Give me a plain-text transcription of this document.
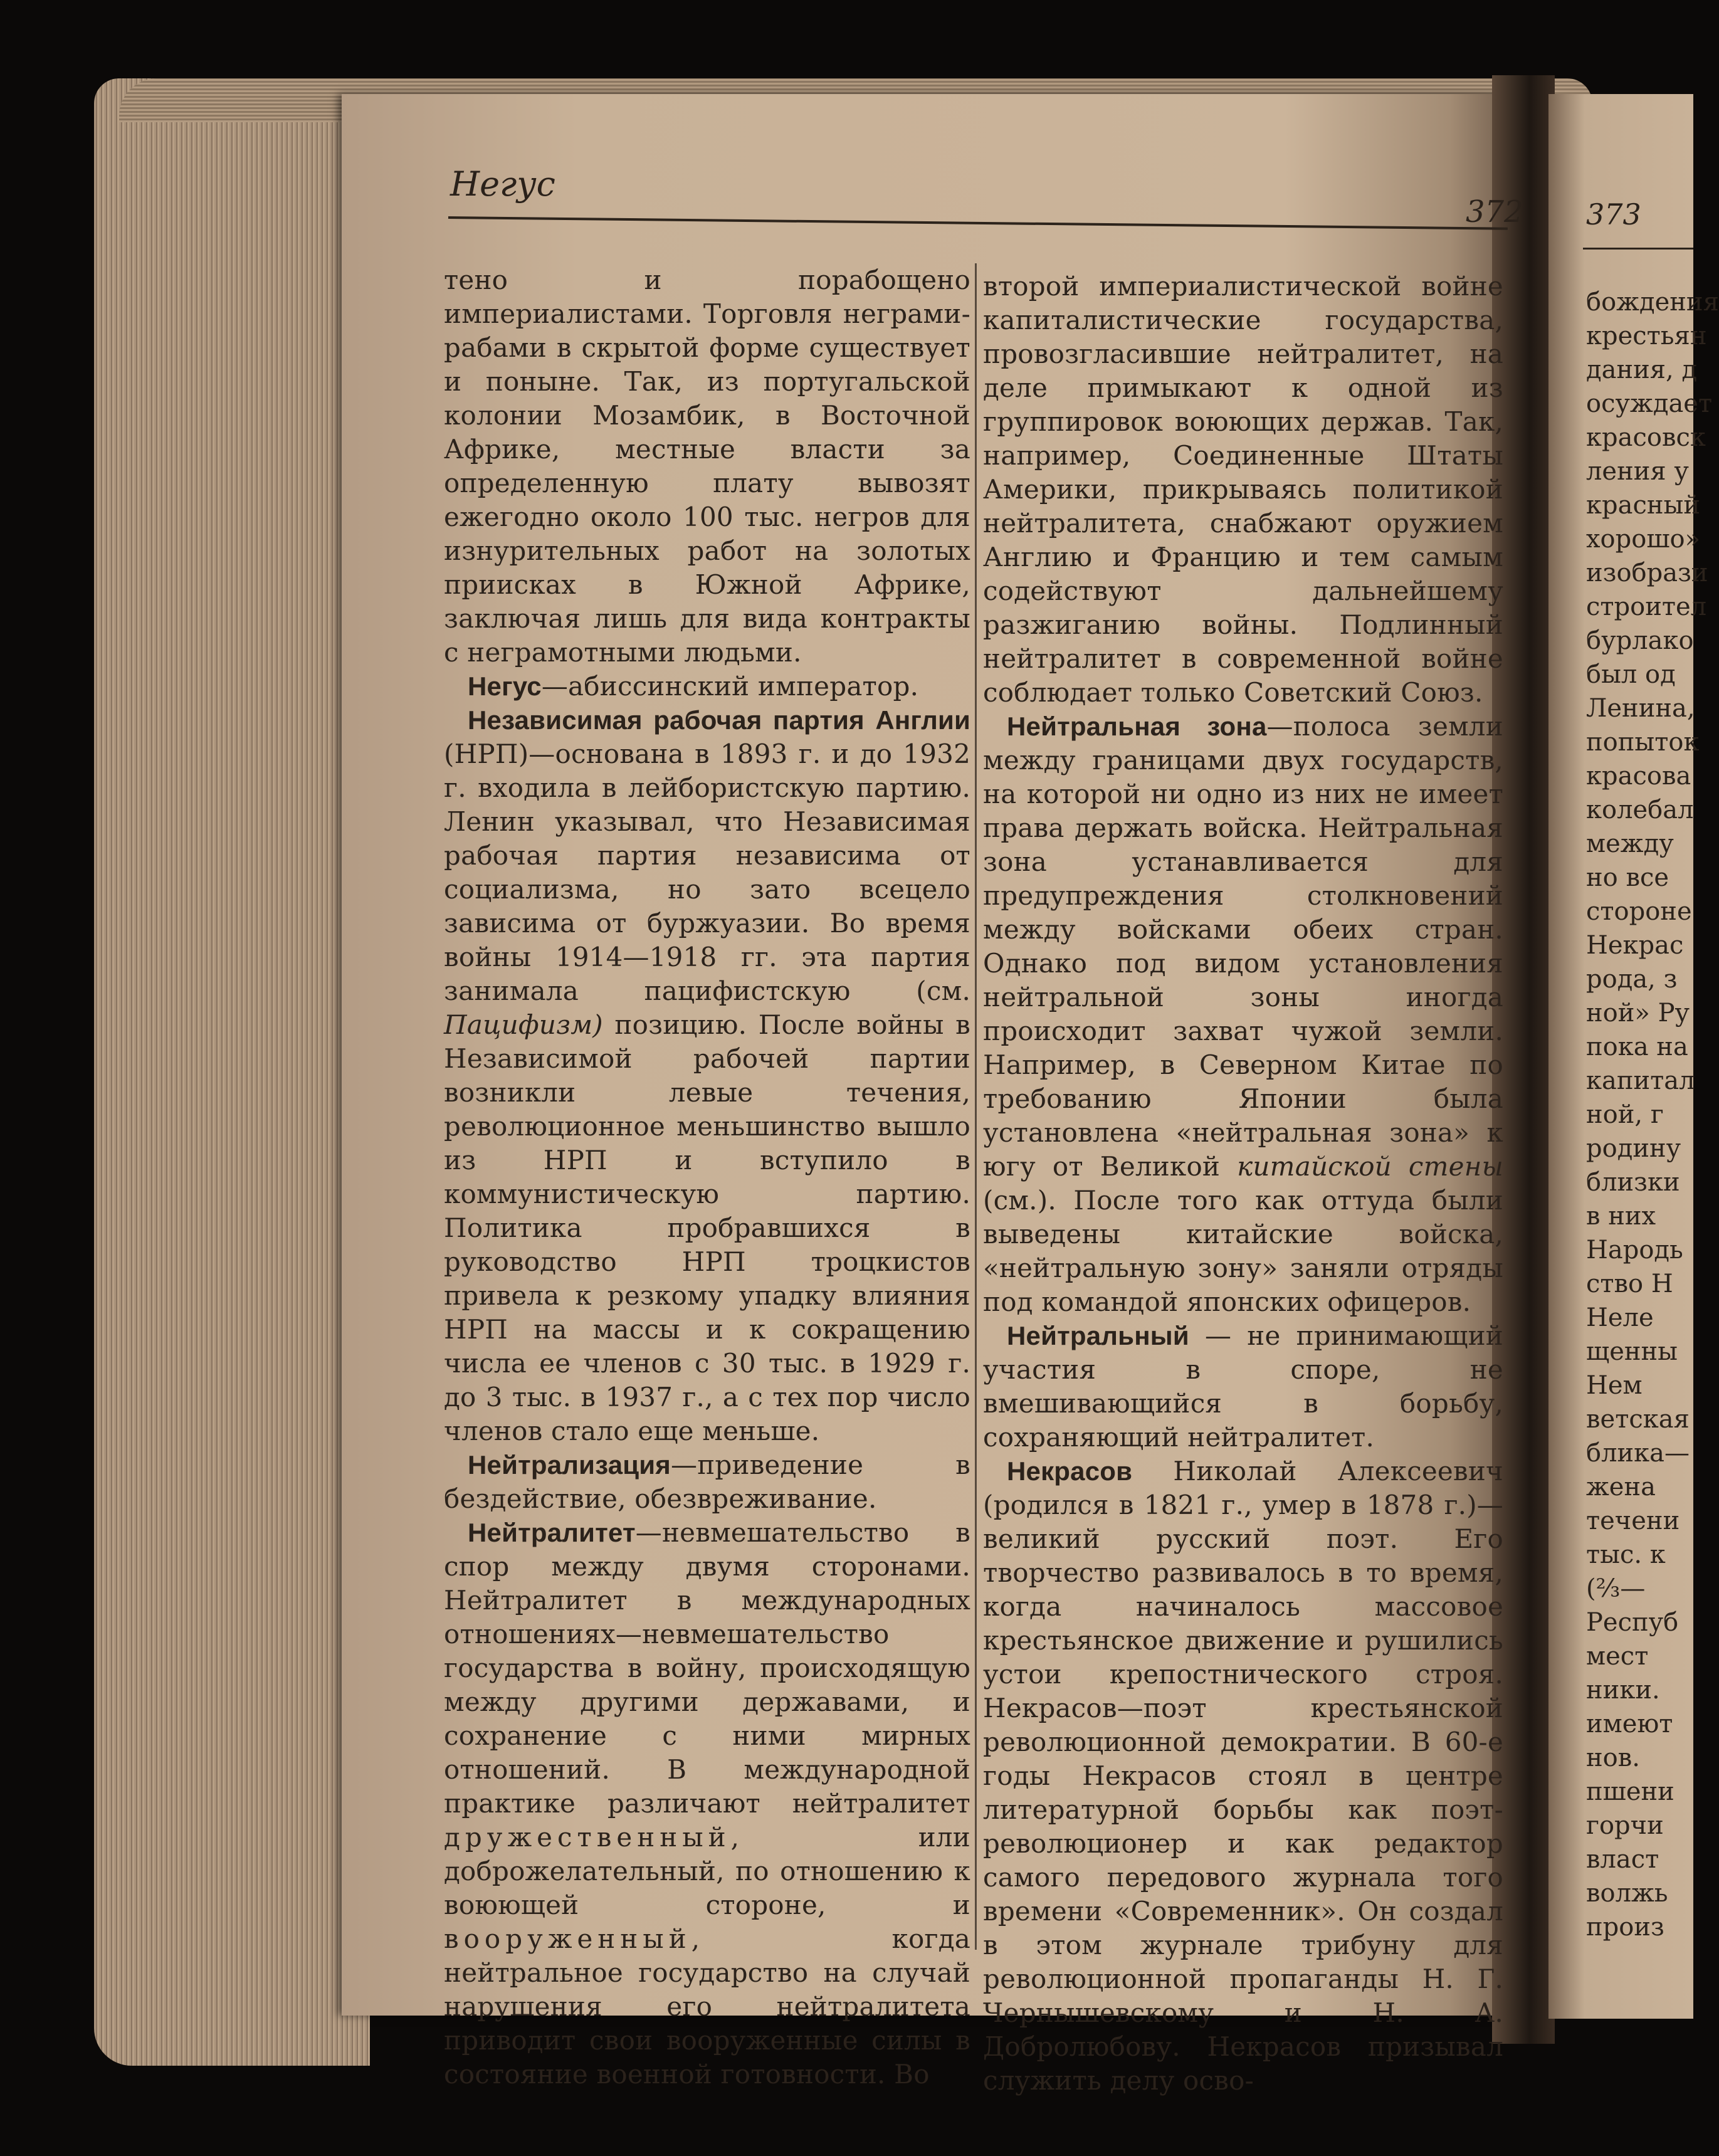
Негус
372

тено и порабощено империалистами. Торговля неграми-рабами в скрытой форме существует и поныне. Так, из португальской колонии Мозамбик, в Восточной Африке, местные власти за определенную плату вывозят ежегодно около 100 тыс. негров для изнурительных работ на золотых приисках в Южной Африке, заключая лишь для вида контракты с неграмотными людьми.

Негус—абиссинский император.

Независимая рабочая партия Англии (НРП)—основана в 1893 г. и до 1932 г. входила в лейбористскую партию. Ленин указывал, что Независимая рабочая партия независима от социализма, но зато всецело зависима от буржуазии. Во время войны 1914—1918 гг. эта партия занимала пацифистскую (см. Пацифизм) позицию. После войны в Независимой рабочей партии возникли левые течения, революционное меньшинство вышло из НРП и вступило в коммунистическую партию. Политика пробравшихся в руководство НРП троцкистов привела к резкому упадку влияния НРП на массы и к сокращению числа ее членов с 30 тыс. в 1929 г. до 3 тыс. в 1937 г., а с тех пор число членов стало еще меньше.

Нейтрализация—приведение в бездействие, обезвреживание.

Нейтралитет—невмешательство в спор между двумя сторонами. Нейтралитет в международных отношениях—невмешательство государства в войну, происходящую между другими державами, и сохранение с ними мирных отношений. В международной практике различают нейтралитет дружественный, или доброжелательный, по отношению к воюющей стороне, и вооруженный, когда нейтральное государство на случай нарушения его нейтралитета приводит свои вооруженные силы в состояние военной готовности. Во

второй империалистической войне капиталистические государства, провозгласившие нейтралитет, на деле примыкают к одной из группировок воюющих держав. Так, например, Соединенные Штаты Америки, прикрываясь политикой нейтралитета, снабжают оружием Англию и Францию и тем самым содействуют дальнейшему разжиганию войны. Подлинный нейтралитет в современной войне соблюдает только Советский Союз.

Нейтральная зона—полоса земли между границами двух государств, на которой ни одно из них не имеет права держать войска. Нейтральная зона устанавливается для предупреждения столкновений между войсками обеих стран. Однако под видом установления нейтральной зоны иногда происходит захват чужой земли. Например, в Северном Китае по требованию Японии была установлена «нейтральная зона» к югу от Великой китайской стены (см.). После того как оттуда были выведены китайские войска, «нейтральную зону» заняли отряды под командой японских офицеров.

Нейтральный — не принимающий участия в споре, не вмешивающийся в борьбу, сохраняющий нейтралитет.

Некрасов Николай Алексеевич (родился в 1821 г., умер в 1878 г.)—великий русский поэт. Его творчество развивалось в то время, когда начиналось массовое крестьянское движение и рушились устои крепостнического строя. Некрасов—поэт крестьянской революционной демократии. В 60-е годы Некрасов стоял в центре литературной борьбы как поэт-революционер и как редактор самого передового журнала того времени «Современник». Он создал в этом журнале трибуну для революционной пропаганды Н. Г. Чернышевскому и Н. А. Добролюбову. Некрасов призывал служить делу осво-

373
бождения
крестьян
дания, д
осуждает
красовск
ления у
красный
хорошо»
изобрази
строител
бурлако
был од
Ленина,
попыток
красова
колебал
между
но все
стороне
Некрас
рода, з
ной» Ру
пока на
капитал
ной, г
родину
близки
в них
Народь
ство Н
Неле
щенны
Нем
ветская
блика—
жена
течени
тыс. к
(⅔—
Респуб
мест
ники.
имеют
нов.
пшени
горчи
власт
волжь
произ
